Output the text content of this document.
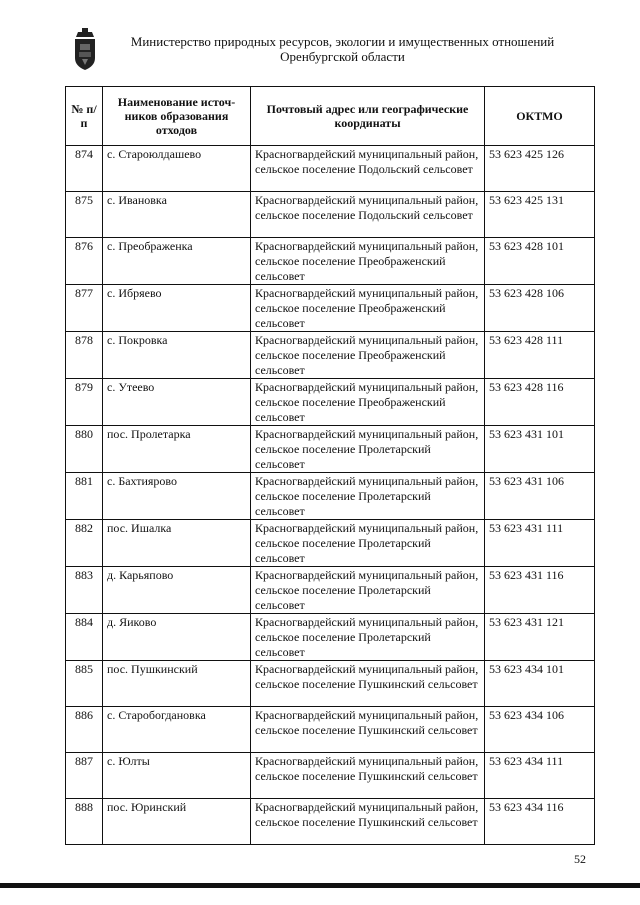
Министерство природных ресурсов, экологии и имущественных отношений
Оренбургской области
№ п/п	Наименование источников образования отходов	Почтовый адрес или географические координаты	ОКТМО
874	с. Староюлдашево	Красногвардейский муниципальный район, сельское поселение Подольский сельсовет	53 623 425 126
875	с. Ивановка	Красногвардейский муниципальный район, сельское поселение Подольский сельсовет	53 623 425 131
876	с. Преображенка	Красногвардейский муниципальный район, сельское поселение Преображенский сельсовет	53 623 428 101
877	с. Ибряево	Красногвардейский муниципальный район, сельское поселение Преображенский сельсовет	53 623 428 106
878	с. Покровка	Красногвардейский муниципальный район, сельское поселение Преображенский сельсовет	53 623 428 111
879	с. Утеево	Красногвардейский муниципальный район, сельское поселение Преображенский сельсовет	53 623 428 116
880	пос. Пролетарка	Красногвардейский муниципальный район, сельское поселение Пролетарский сельсовет	53 623 431 101
881	с. Бахтиярово	Красногвардейский муниципальный район, сельское поселение Пролетарский сельсовет	53 623 431 106
882	пос. Ишалка	Красногвардейский муниципальный район, сельское поселение Пролетарский сельсовет	53 623 431 111
883	д. Карьяпово	Красногвардейский муниципальный район, сельское поселение Пролетарский сельсовет	53 623 431 116
884	д. Яиково	Красногвардейский муниципальный район, сельское поселение Пролетарский сельсовет	53 623 431 121
885	пос. Пушкинский	Красногвардейский муниципальный район, сельское поселение Пушкинский сельсовет	53 623 434 101
886	с. Старобогдановка	Красногвардейский муниципальный район, сельское поселение Пушкинский сельсовет	53 623 434 106
887	с. Юлты	Красногвардейский муниципальный район, сельское поселение Пушкинский сельсовет	53 623 434 111
888	пос. Юринский	Красногвардейский муниципальный район, сельское поселение Пушкинский сельсовет	53 623 434 116
52
